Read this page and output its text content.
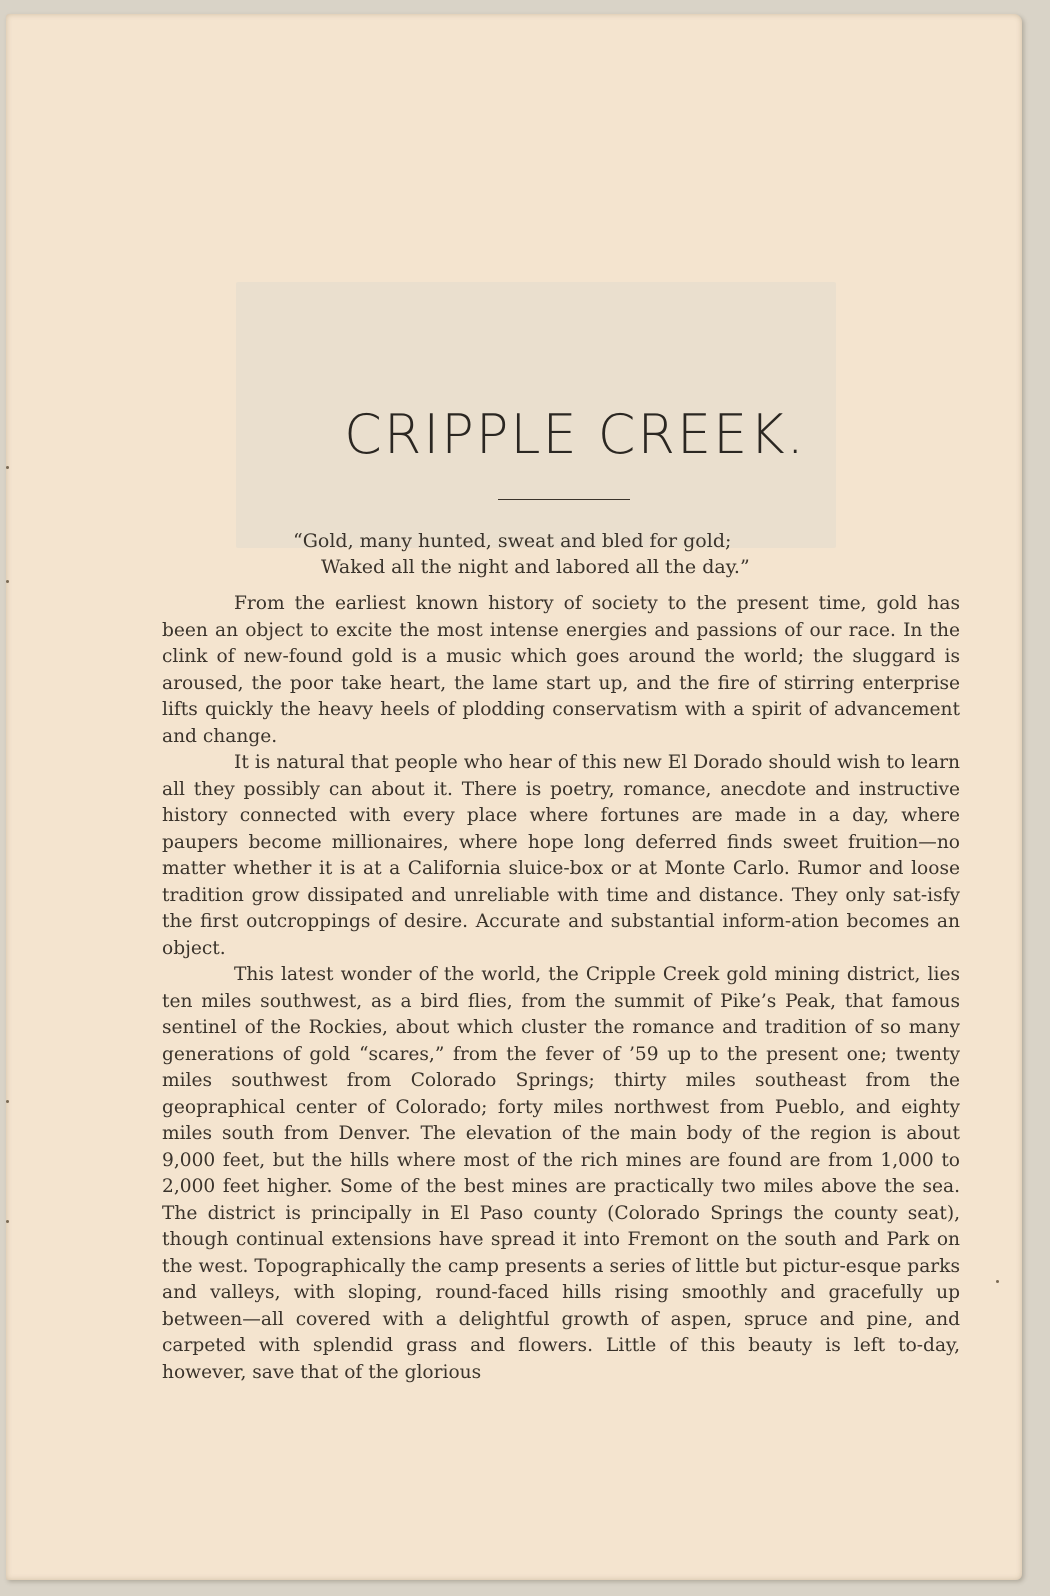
CRIPPLE CREEK.
“Gold, many hunted, sweat and bled for gold;
Waked all the night and labored all the day.”

From the earliest known history of society to the present time, gold has been an object to excite the most intense energies and passions of our race. In the clink of new-found gold is a music which goes around the world; the sluggard is aroused, the poor take heart, the lame start up, and the fire of stirring enterprise lifts quickly the heavy heels of plodding conservatism with a spirit of advancement and change.

It is natural that people who hear of this new El Dorado should wish to learn all they possibly can about it. There is poetry, romance, anecdote and instructive history connected with every place where fortunes are made in a day, where paupers become millionaires, where hope long deferred finds sweet fruition—no matter whether it is at a California sluice-box or at Monte Carlo. Rumor and loose tradition grow dissipated and unreliable with time and distance. They only sat-isfy the first outcroppings of desire. Accurate and substantial inform-ation becomes an object.

This latest wonder of the world, the Cripple Creek gold mining district, lies ten miles southwest, as a bird flies, from the summit of Pike’s Peak, that famous sentinel of the Rockies, about which cluster the romance and tradition of so many generations of gold “scares,” from the fever of ’59 up to the present one; twenty miles southwest from Colorado Springs; thirty miles southeast from the geopraphical center of Colorado; forty miles northwest from Pueblo, and eighty miles south from Denver. The elevation of the main body of the region is about 9,000 feet, but the hills where most of the rich mines are found are from 1,000 to 2,000 feet higher. Some of the best mines are practically two miles above the sea. The district is principally in El Paso county (Colorado Springs the county seat), though continual extensions have spread it into Fremont on the south and Park on the west. Topographically the camp presents a series of little but pictur-esque parks and valleys, with sloping, round-faced hills rising smoothly and gracefully up between—all covered with a delightful growth of aspen, spruce and pine, and carpeted with splendid grass and flowers. Little of this beauty is left to-day, however, save that of the glorious
